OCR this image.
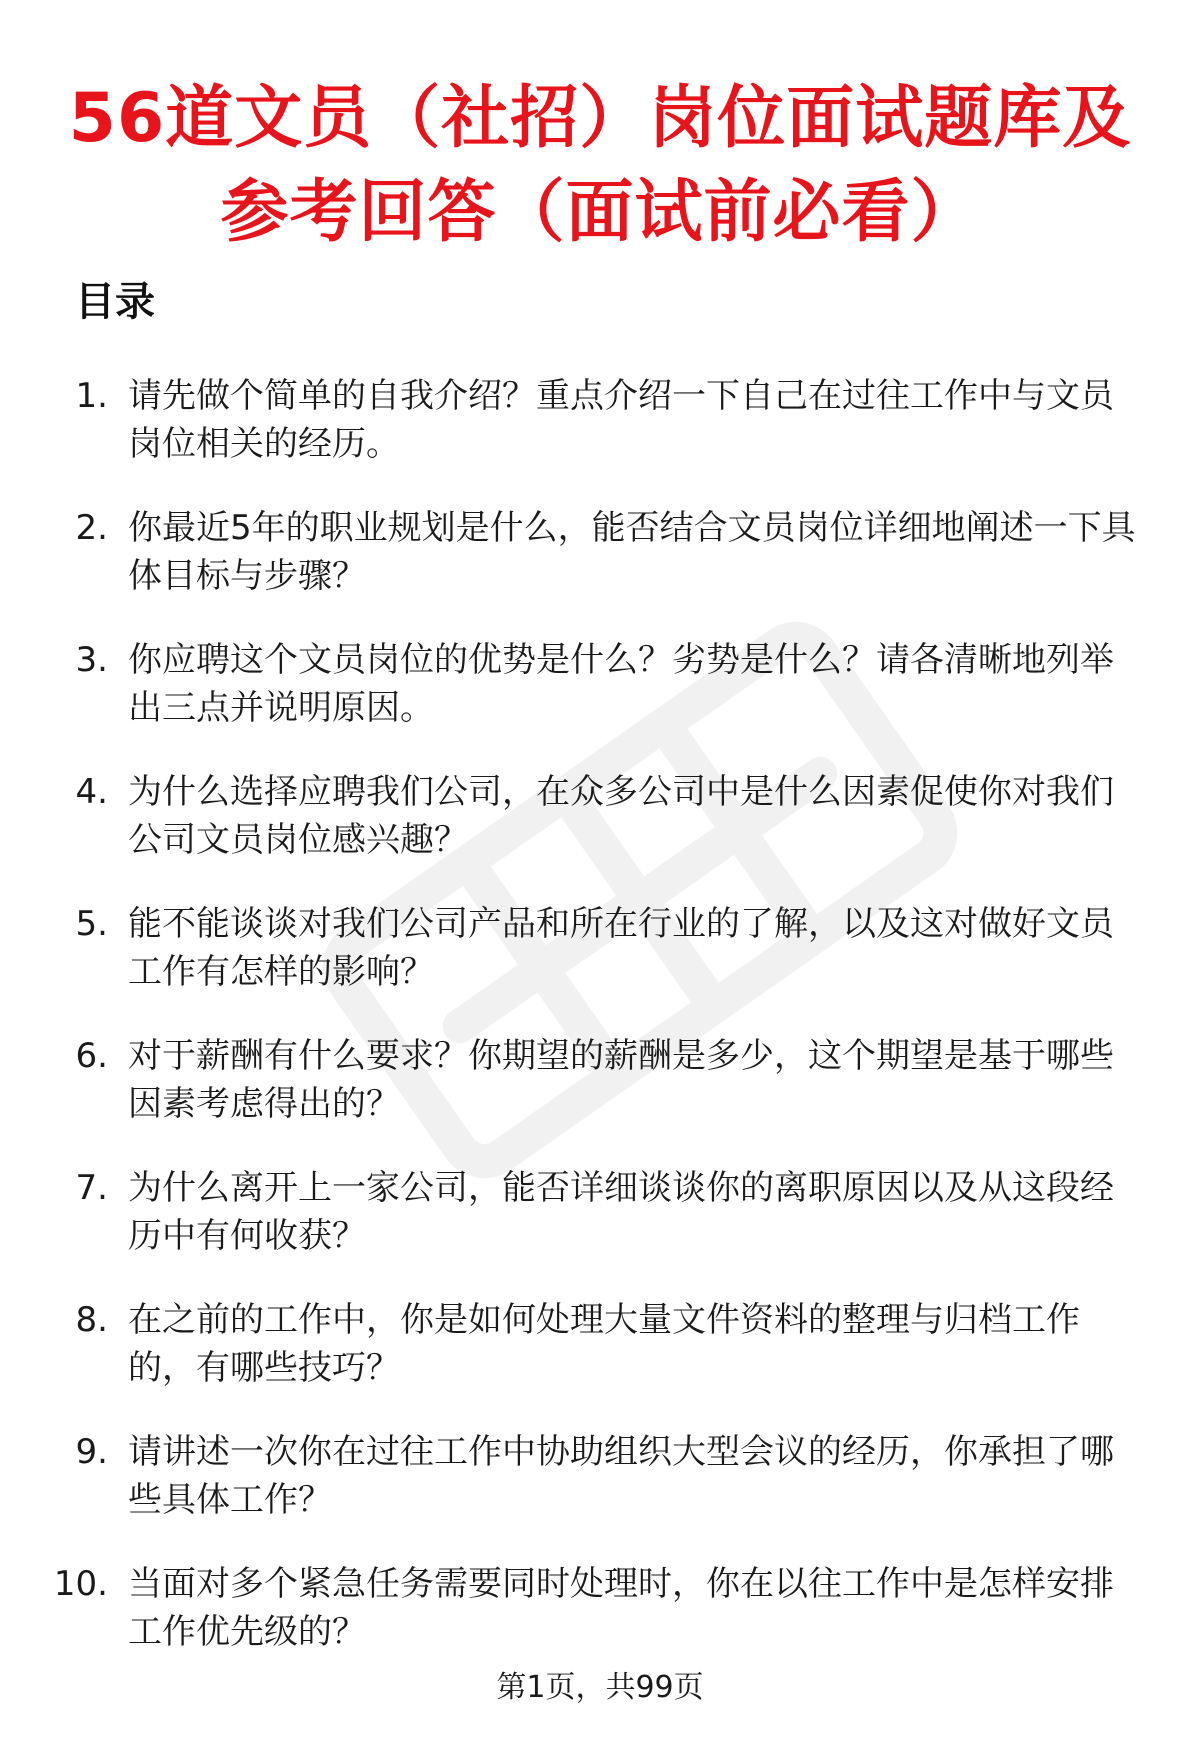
56道文员（社招）岗位面试题库及
参考回答（面试前必看）
目录
1. 请先做个简单的自我介绍？重点介绍一下自己在过往工作中与文员岗位相关的经历。

2. 你最近5年的职业规划是什么，能否结合文员岗位详细地阐述一下具体目标与步骤？

3. 你应聘这个文员岗位的优势是什么？劣势是什么？请各清晰地列举出三点并说明原因。

4. 为什么选择应聘我们公司，在众多公司中是什么因素促使你对我们公司文员岗位感兴趣？

5. 能不能谈谈对我们公司产品和所在行业的了解，以及这对做好文员工作有怎样的影响？

6. 对于薪酬有什么要求？你期望的薪酬是多少，这个期望是基于哪些因素考虑得出的？

7. 为什么离开上一家公司，能否详细谈谈你的离职原因以及从这段经历中有何收获？

8. 在之前的工作中，你是如何处理大量文件资料的整理与归档工作的，有哪些技巧？

9. 请讲述一次你在过往工作中协助组织大型会议的经历，你承担了哪些具体工作？

10. 当面对多个紧急任务需要同时处理时，你在以往工作中是怎样安排工作优先级的？

第1页，共99页
